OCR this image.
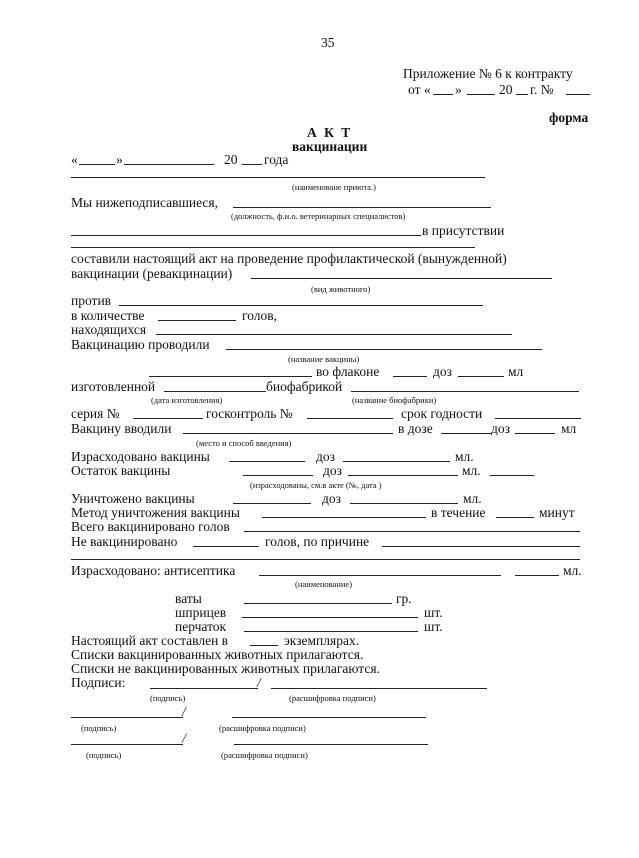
35
Приложение № 6 к контракту
от « »	20 г. №
форма
А К Т
вакцинации
«	»	20 года
(наименоване приюта.)
Мы нижеподписавшиеся,
(должность, ф.и.о. ветеринарных специалистов)
в присутствии
составили настоящий акт на проведение профилактической (вынужденной)
вакцинации (ревакцинации)
(вид животного)
против
в количестве	голов,
находящихся
Вакцинацию проводили
(название вакцины)
во флаконе	доз	мл
изготовленной	биофабрикой
(дата изготовления)	(название биофабрики)
серия №	госконтроль №	срок годности
Вакцину вводили	в дозе	доз	мл
(место и способ введения)
Израсходовано вакцины	доз	мл.
Остаток вакцины	доз	мл.
(израсходованы, см.в акте (№, дата )
Уничтожено вакцины	доз	мл.
Метод уничтожения вакцины	в течение	минут
Всего вакцинировано голов
Не вакцинировано	голов, по причине
Израсходовано: антисептика	мл.
(наименование)
ваты	гр.
шприцев	шт.
перчаток	шт.
Настоящий акт составлен в	экземплярах.
Списки вакцинированных животных прилагаются.
Списки не вакцинированных животных прилагаются.
Подписи:	/
(подпись)	(расшифровка подписи)
/
(подпись)	(расшифровка подписи)
/
(подпись)	(расшифровка подписи)
